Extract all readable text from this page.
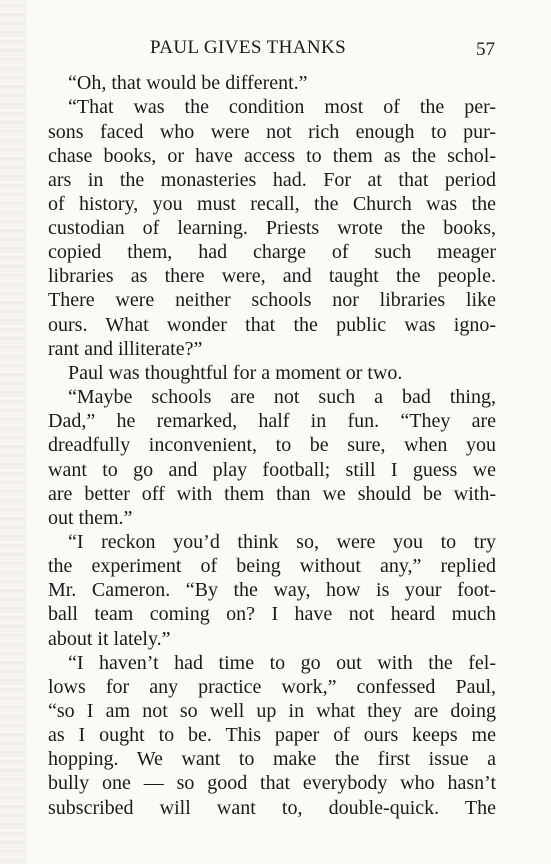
PAUL GIVES THANKS	57
“Oh, that would be different.”
“That was the condition most of the per-
sons faced who were not rich enough to pur-
chase books, or have access to them as the schol-
ars in the monasteries had. For at that period
of history, you must recall, the Church was the
custodian of learning. Priests wrote the books,
copied them, had charge of such meager
libraries as there were, and taught the people.
There were neither schools nor libraries like
ours. What wonder that the public was igno-
rant and illiterate?”
Paul was thoughtful for a moment or two.
“Maybe schools are not such a bad thing,
Dad,” he remarked, half in fun. “They are
dreadfully inconvenient, to be sure, when you
want to go and play football; still I guess we
are better off with them than we should be with-
out them.”
“I reckon you’d think so, were you to try
the experiment of being without any,” replied
Mr. Cameron. “By the way, how is your foot-
ball team coming on? I have not heard much
about it lately.”
“I haven’t had time to go out with the fel-
lows for any practice work,” confessed Paul,
“so I am not so well up in what they are doing
as I ought to be. This paper of ours keeps me
hopping. We want to make the first issue a
bully one — so good that everybody who hasn’t
subscribed will want to, double-quick. The
